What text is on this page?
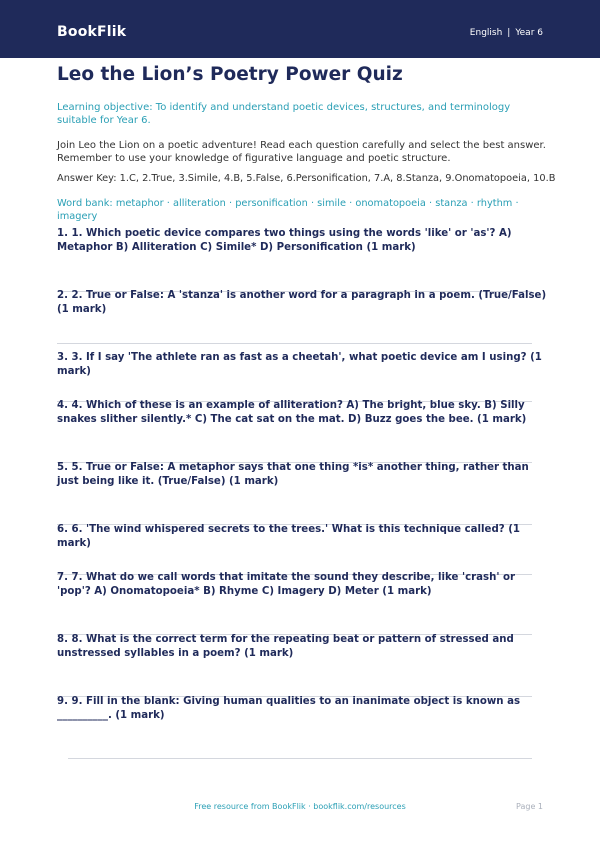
BookFlik	English | Year 6
Leo the Lion’s Poetry Power Quiz
Learning objective: To identify and understand poetic devices, structures, and terminology suitable for Year 6.
Join Leo the Lion on a poetic adventure! Read each question carefully and select the best answer. Remember to use your knowledge of figurative language and poetic structure.
Answer Key: 1.C, 2.True, 3.Simile, 4.B, 5.False, 6.Personification, 7.A, 8.Stanza, 9.Onomatopoeia, 10.B
Word bank: metaphor · alliteration · personification · simile · onomatopoeia · stanza · rhythm · imagery
1. 1. Which poetic device compares two things using the words 'like' or 'as'? A) Metaphor B) Alliteration C) Simile* D) Personification (1 mark)
2. 2. True or False: A 'stanza' is another word for a paragraph in a poem. (True/False) (1 mark)
3. 3. If I say 'The athlete ran as fast as a cheetah', what poetic device am I using? (1 mark)
4. 4. Which of these is an example of alliteration? A) The bright, blue sky. B) Silly snakes slither silently.* C) The cat sat on the mat. D) Buzz goes the bee. (1 mark)
5. 5. True or False: A metaphor says that one thing *is* another thing, rather than just being like it. (True/False) (1 mark)
6. 6. 'The wind whispered secrets to the trees.' What is this technique called? (1 mark)
7. 7. What do we call words that imitate the sound they describe, like 'crash' or 'pop'? A) Onomatopoeia* B) Rhyme C) Imagery D) Meter (1 mark)
8. 8. What is the correct term for the repeating beat or pattern of stressed and unstressed syllables in a poem? (1 mark)
9. 9. Fill in the blank: Giving human qualities to an inanimate object is known as __________. (1 mark)
Free resource from BookFlik · bookflik.com/resources	Page 1
